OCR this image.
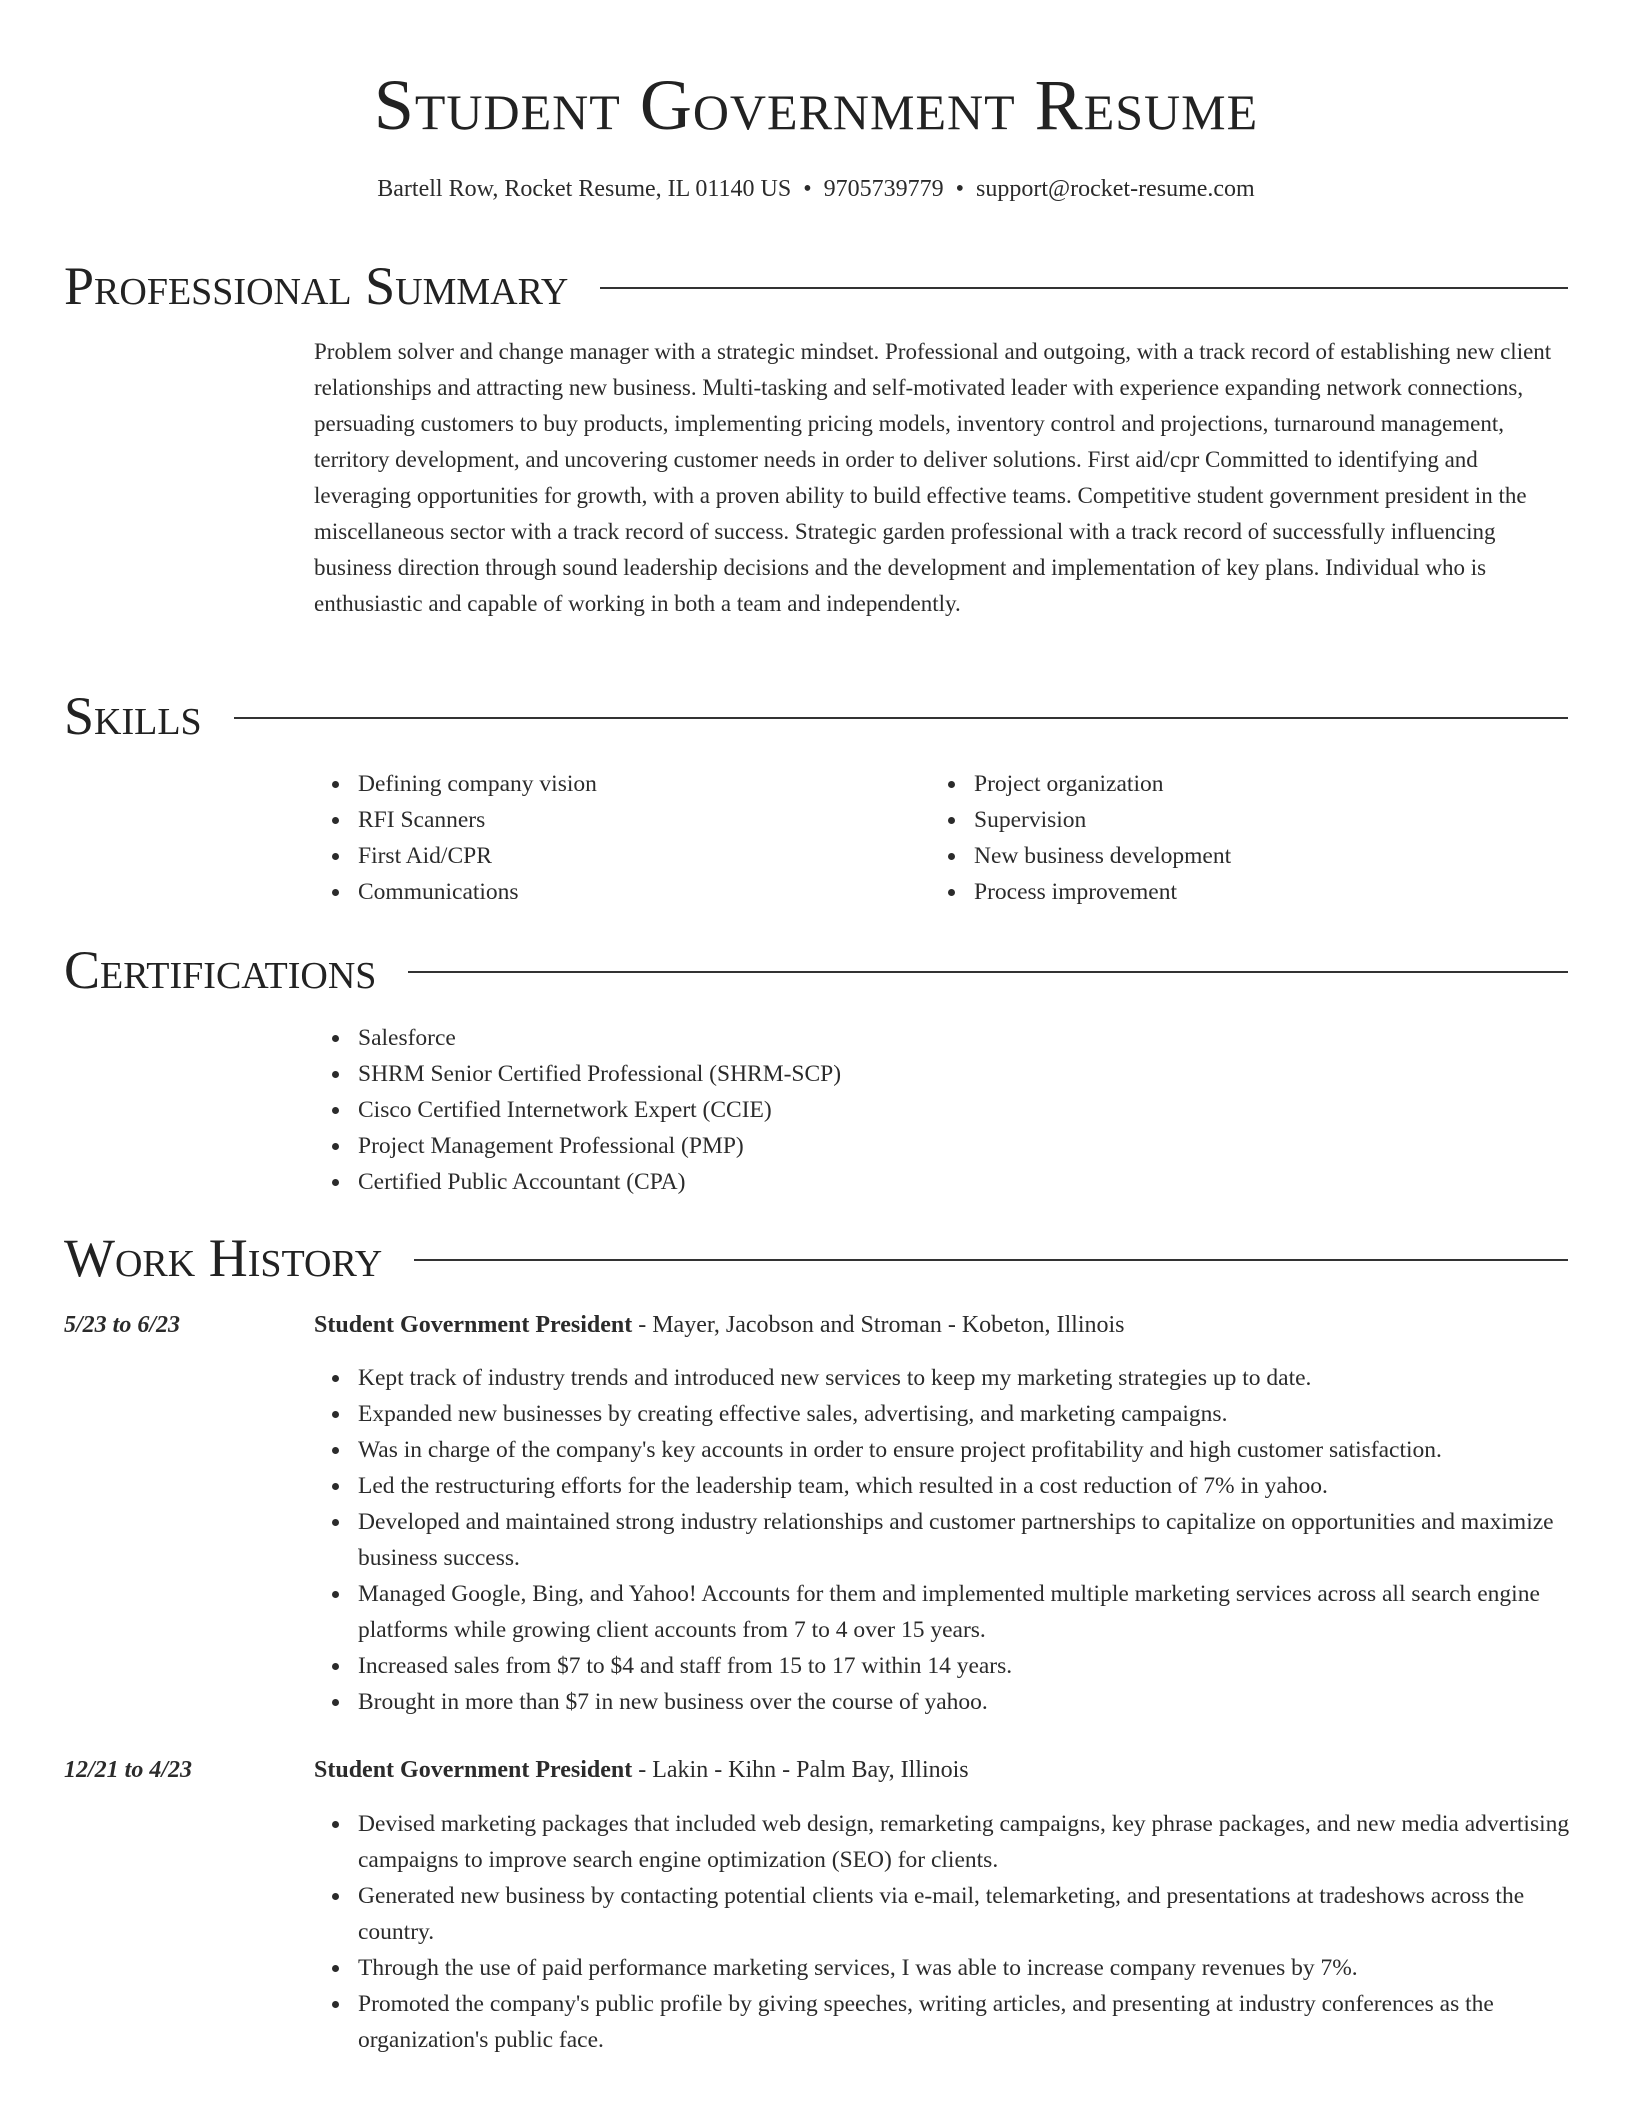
Student Government Resume
Bartell Row, Rocket Resume, IL 01140 US • 9705739779 • support@rocket-resume.com
Professional Summary
Problem solver and change manager with a strategic mindset. Professional and outgoing, with a track record of establishing new client relationships and attracting new business. Multi-tasking and self-motivated leader with experience expanding network connections, persuading customers to buy products, implementing pricing models, inventory control and projections, turnaround management, territory development, and uncovering customer needs in order to deliver solutions. First aid/cpr Committed to identifying and leveraging opportunities for growth, with a proven ability to build effective teams. Competitive student government president in the miscellaneous sector with a track record of success. Strategic garden professional with a track record of successfully influencing business direction through sound leadership decisions and the development and implementation of key plans. Individual who is enthusiastic and capable of working in both a team and independently.
Skills
Defining company vision
RFI Scanners
First Aid/CPR
Communications
Project organization
Supervision
New business development
Process improvement
Certifications
Salesforce
SHRM Senior Certified Professional (SHRM-SCP)
Cisco Certified Internetwork Expert (CCIE)
Project Management Professional (PMP)
Certified Public Accountant (CPA)
Work History
5/23 to 6/23	Student Government President - Mayer, Jacobson and Stroman - Kobeton, Illinois
Kept track of industry trends and introduced new services to keep my marketing strategies up to date.
Expanded new businesses by creating effective sales, advertising, and marketing campaigns.
Was in charge of the company's key accounts in order to ensure project profitability and high customer satisfaction.
Led the restructuring efforts for the leadership team, which resulted in a cost reduction of 7% in yahoo.
Developed and maintained strong industry relationships and customer partnerships to capitalize on opportunities and maximize business success.
Managed Google, Bing, and Yahoo! Accounts for them and implemented multiple marketing services across all search engine platforms while growing client accounts from 7 to 4 over 15 years.
Increased sales from $7 to $4 and staff from 15 to 17 within 14 years.
Brought in more than $7 in new business over the course of yahoo.
12/21 to 4/23	Student Government President - Lakin - Kihn - Palm Bay, Illinois
Devised marketing packages that included web design, remarketing campaigns, key phrase packages, and new media advertising campaigns to improve search engine optimization (SEO) for clients.
Generated new business by contacting potential clients via e-mail, telemarketing, and presentations at tradeshows across the country.
Through the use of paid performance marketing services, I was able to increase company revenues by 7%.
Promoted the company's public profile by giving speeches, writing articles, and presenting at industry conferences as the organization's public face.
